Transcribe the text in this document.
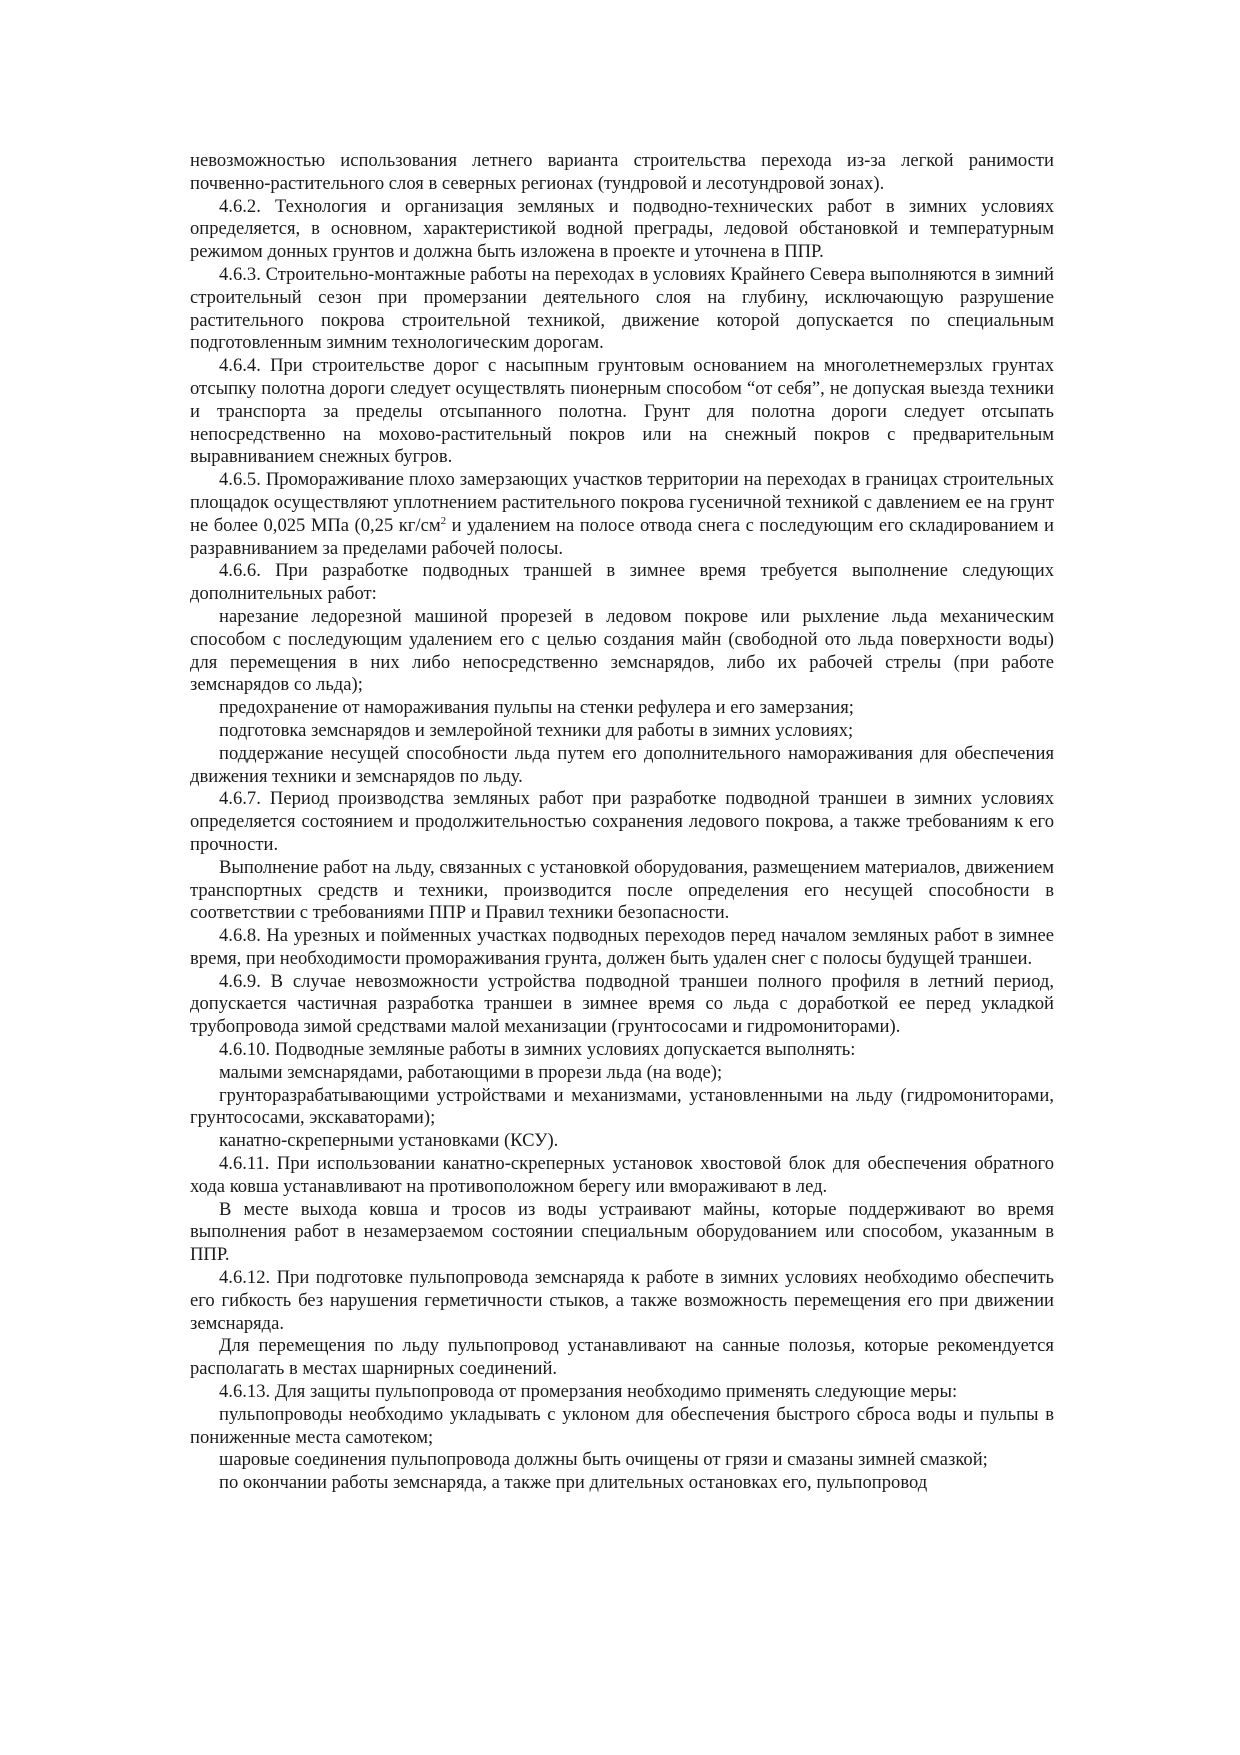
невозможностью использования летнего варианта строительства перехода из-за легкой ранимости почвенно-растительного слоя в северных регионах (тундровой и лесотундровой зонах).

4.6.2. Технология и организация земляных и подводно-технических работ в зимних условиях определяется, в основном, характеристикой водной преграды, ледовой обстановкой и температурным режимом донных грунтов и должна быть изложена в проекте и уточнена в ППР.

4.6.3. Строительно-монтажные работы на переходах в условиях Крайнего Севера выполняются в зимний строительный сезон при промерзании деятельного слоя на глубину, исключающую разрушение растительного покрова строительной техникой, движение которой допускается по специальным подготовленным зимним технологическим дорогам.

4.6.4. При строительстве дорог с насыпным грунтовым основанием на многолетнемерзлых грунтах отсыпку полотна дороги следует осуществлять пионерным способом “от себя”, не допуская выезда техники и транспорта за пределы отсыпанного полотна. Грунт для полотна дороги следует отсыпать непосредственно на мохово-растительный покров или на снежный покров с предварительным выравниванием снежных бугров.

4.6.5. Промораживание плохо замерзающих участков территории на переходах в границах строительных площадок осуществляют уплотнением растительного покрова гусеничной техникой с давлением ее на грунт не более 0,025 МПа (0,25 $кг/см^2$ и удалением на полосе отвода снега с последующим его складированием и разравниванием за пределами рабочей полосы.

4.6.6. При разработке подводных траншей в зимнее время требуется выполнение следующих дополнительных работ:

нарезание ледорезной машиной прорезей в ледовом покрове или рыхление льда механическим способом с последующим удалением его с целью создания майн (свободной ото льда поверхности воды) для перемещения в них либо непосредственно земснарядов, либо их рабочей стрелы (при работе земснарядов со льда);

предохранение от намораживания пульпы на стенки рефулера и его замерзания;

подготовка земснарядов и землеройной техники для работы в зимних условиях;

поддержание несущей способности льда путем его дополнительного намораживания для обеспечения движения техники и земснарядов по льду.

4.6.7. Период производства земляных работ при разработке подводной траншеи в зимних условиях определяется состоянием и продолжительностью сохранения ледового покрова, а также требованиям к его прочности.

Выполнение работ на льду, связанных с установкой оборудования, размещением материалов, движением транспортных средств и техники, производится после определения его несущей способности в соответствии с требованиями ППР и Правил техники безопасности.

4.6.8. На урезных и пойменных участках подводных переходов перед началом земляных работ в зимнее время, при необходимости промораживания грунта, должен быть удален снег с полосы будущей траншеи.

4.6.9. В случае невозможности устройства подводной траншеи полного профиля в летний период, допускается частичная разработка траншеи в зимнее время со льда с доработкой ее перед укладкой трубопровода зимой средствами малой механизации (грунтососами и гидромониторами).

4.6.10. Подводные земляные работы в зимних условиях допускается выполнять:

малыми земснарядами, работающими в прорези льда (на воде);

грунторазрабатывающими устройствами и механизмами, установленными на льду (гидромониторами, грунтососами, экскаваторами);

канатно-скреперными установками (КСУ).

4.6.11. При использовании канатно-скреперных установок хвостовой блок для обеспечения обратного хода ковша устанавливают на противоположном берегу или вмораживают в лед.

В месте выхода ковша и тросов из воды устраивают майны, которые поддерживают во время выполнения работ в незамерзаемом состоянии специальным оборудованием или способом, указанным в ППР.

4.6.12. При подготовке пульпопровода земснаряда к работе в зимних условиях необходимо обеспечить его гибкость без нарушения герметичности стыков, а также возможность перемещения его при движении земснаряда.

Для перемещения по льду пульпопровод устанавливают на санные полозья, которые рекомендуется располагать в местах шарнирных соединений.

4.6.13. Для защиты пульпопровода от промерзания необходимо применять следующие меры:

пульпопроводы необходимо укладывать с уклоном для обеспечения быстрого сброса воды и пульпы в пониженные места самотеком;

шаровые соединения пульпопровода должны быть очищены от грязи и смазаны зимней смазкой;

по окончании работы земснаряда, а также при длительных остановках его, пульпопровод
